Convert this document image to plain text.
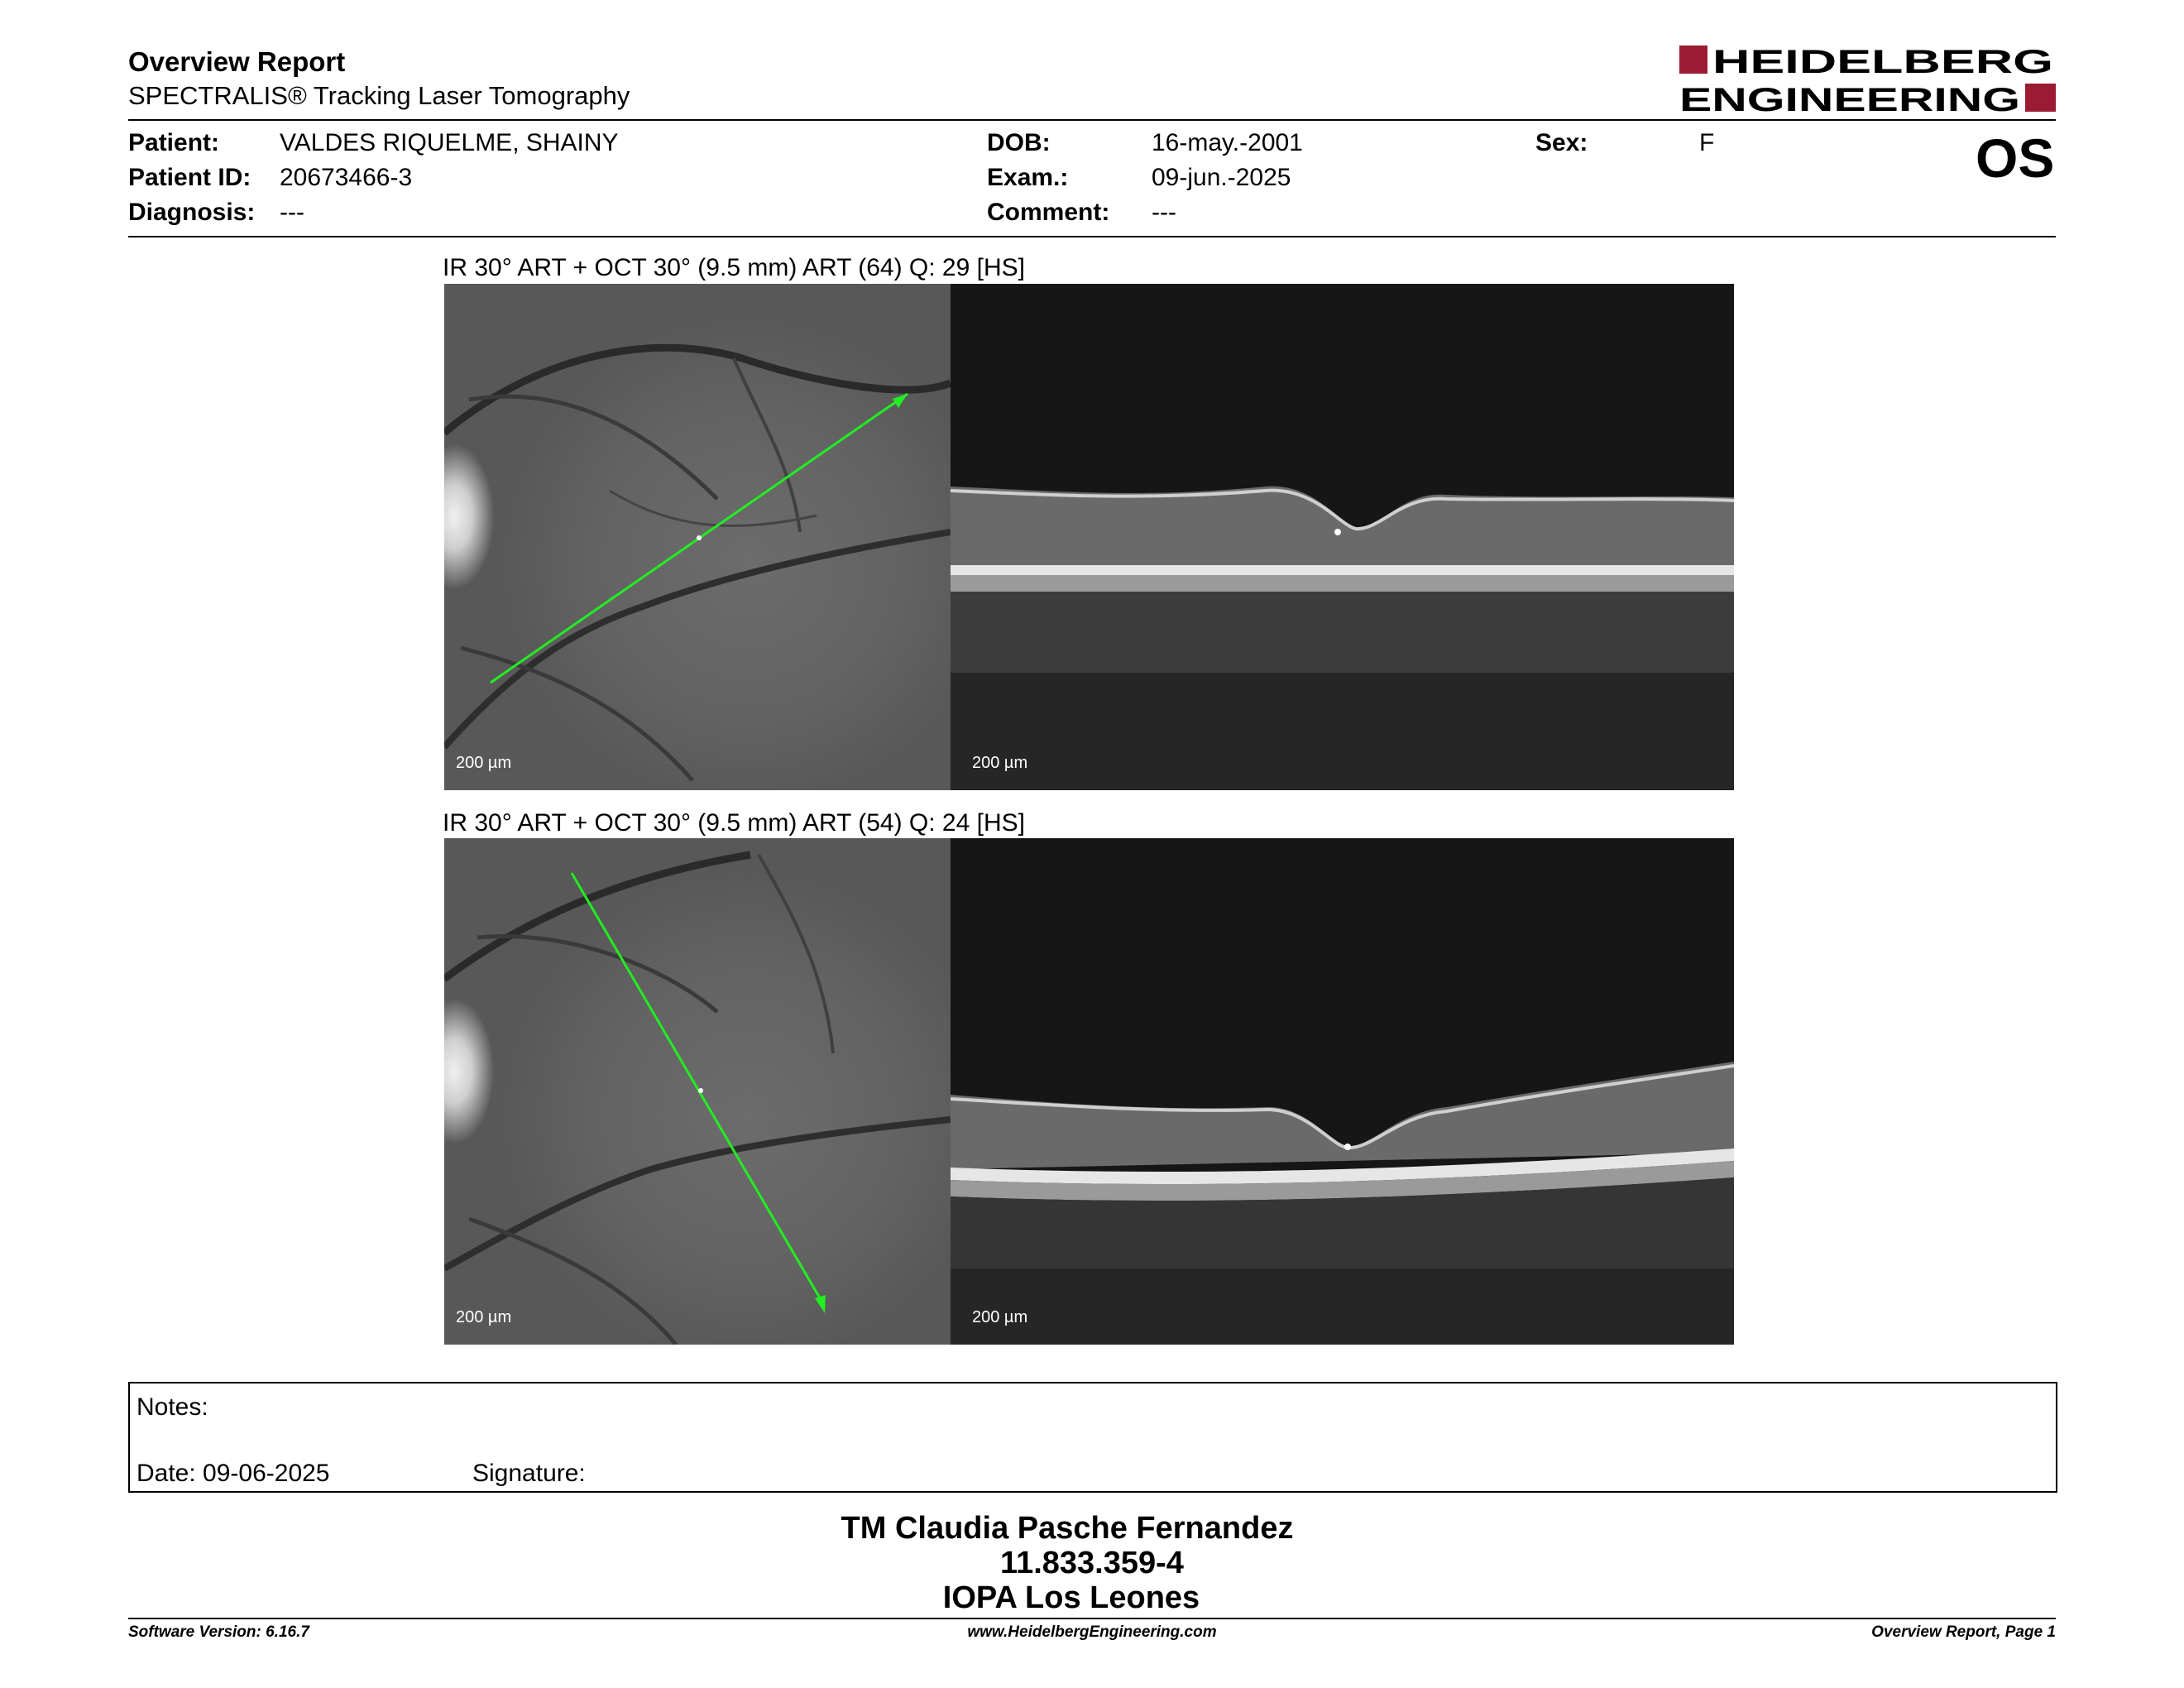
Overview Report
SPECTRALIS® Tracking Laser Tomography
HEIDELBERG
ENGINEERING
Patient: VALDES RIQUELME, SHAINY
Patient ID: 20673466-3
Diagnosis: ---
DOB:	16-may.-2001
Exam.:	09-jun.-2025
Comment: ---
Sex:	F	OS
IR 30° ART + OCT 30° (9.5 mm) ART (64) Q: 29 [HS]
200 µm	200 µm
IR 30° ART + OCT 30° (9.5 mm) ART (54) Q: 24 [HS]
200 µm	200 µm
Notes:
Date: 09-06-2025	Signature:
TM Claudia Pasche Fernandez
11.833.359-4
IOPA Los Leones
Software Version: 6.16.7	www.HeidelbergEngineering.com	Overview Report, Page 1
